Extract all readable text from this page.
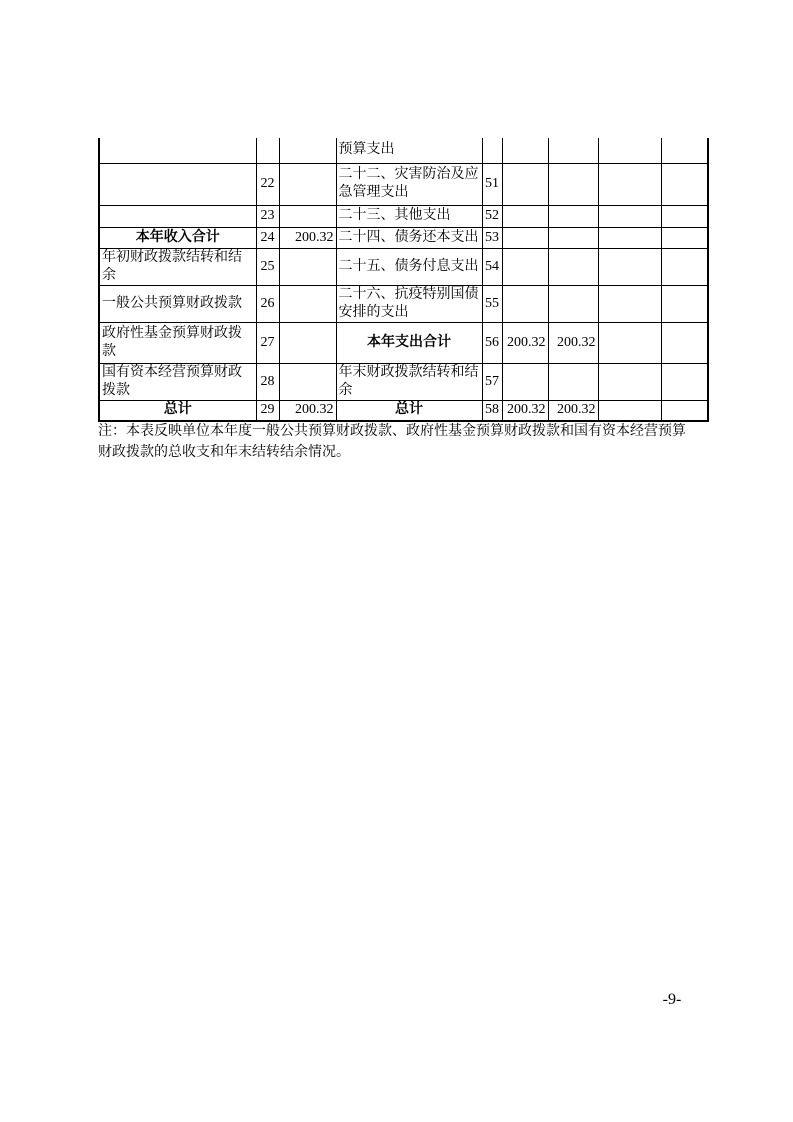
			预算支出					
	22		二十二、灾害防治及应急管理支出	51				
	23		二十三、其他支出	52				
本年收入合计	24	200.32	二十四、债务还本支出	53				
年初财政拨款结转和结余	25		二十五、债务付息支出	54				
一般公共预算财政拨款	26		二十六、抗疫特别国债安排的支出	55				
政府性基金预算财政拨款	27		本年支出合计	56	200.32	200.32		
国有资本经营预算财政拨款	28		年末财政拨款结转和结余	57				
总计	29	200.32	总计	58	200.32	200.32		
注：本表反映单位本年度一般公共预算财政拨款、政府性基金预算财政拨款和国有资本经营预算财政拨款的总收支和年末结转结余情况。
-9-
